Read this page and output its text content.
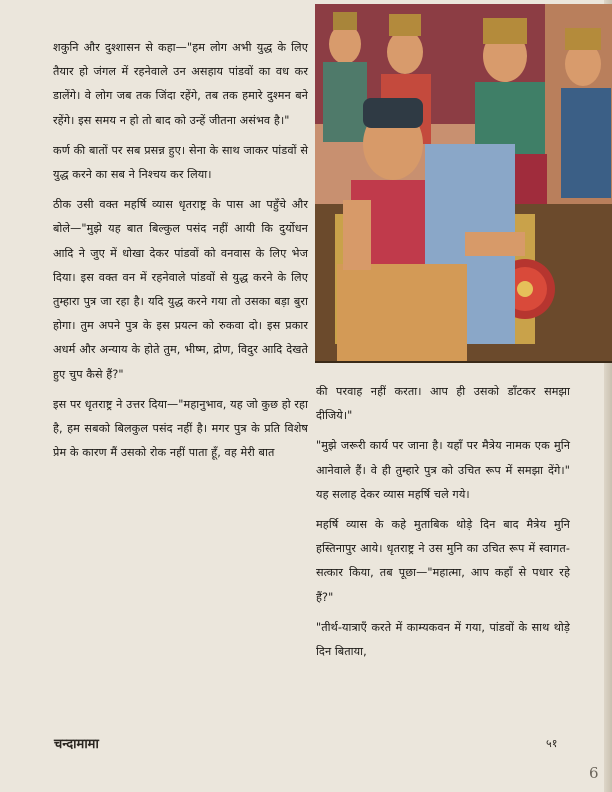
शकुनि और दुश्शासन से कहा—"हम लोग अभी युद्ध के लिए तैयार हो जंगल में रहनेवाले उन असहाय पांडवों का वध कर डालेंगे। वे लोग जब तक जिंदा रहेंगे, तब तक हमारे दुश्मन बने रहेंगे। इस समय न हो तो बाद को उन्हें जीतना असंभव है।"

कर्ण की बातों पर सब प्रसन्न हुए। सेना के साथ जाकर पांडवों से युद्ध करने का सब ने निश्चय कर लिया।

ठीक उसी वक्त महर्षि व्यास धृतराष्ट्र के पास आ पहुँचे और बोले—"मुझे यह बात बिल्कुल पसंद नहीं आयी कि दुर्योधन आदि ने जुए में धोखा देकर पांडवों को वनवास के लिए भेज दिया। इस वक्त वन में रहनेवाले पांडवों से युद्ध करने के लिए तुम्हारा पुत्र जा रहा है। यदि युद्ध करने गया तो उसका बड़ा बुरा होगा। तुम अपने पुत्र के इस प्रयत्न को रुकवा दो। इस प्रकार अधर्म और अन्याय के होते तुम, भीष्म, द्रोण, विदुर आदि देखते हुए चुप कैसे हैं?"

इस पर धृतराष्ट्र ने उत्तर दिया—"महानुभाव, यह जो कुछ हो रहा है, हम सबको बिलकुल पसंद नहीं है। मगर पुत्र के प्रति विशेष प्रेम के कारण मैं उसको रोक नहीं पाता हूँ, वह मेरी बात

की परवाह नहीं करता। आप ही उसको डाँटकर समझा दीजिये।"

"मुझे जरूरी कार्य पर जाना है। यहाँ पर मैत्रेय नामक एक मुनि आनेवाले हैं। वे ही तुम्हारे पुत्र को उचित रूप में समझा देंगे।" यह सलाह देकर व्यास महर्षि चले गये।

महर्षि व्यास के कहे मुताबिक थोड़े दिन बाद मैत्रेय मुनि हस्तिनापुर आये। धृतराष्ट्र ने उस मुनि का उचित रूप में स्वागत-सत्कार किया, तब पूछा—"महात्मा, आप कहाँ से पधार रहे हैं?"

"तीर्थ-यात्राएँ करते में काम्यकवन में गया, पांडवों के साथ थोड़े दिन बिताया,

चन्दामामा	५१
6
